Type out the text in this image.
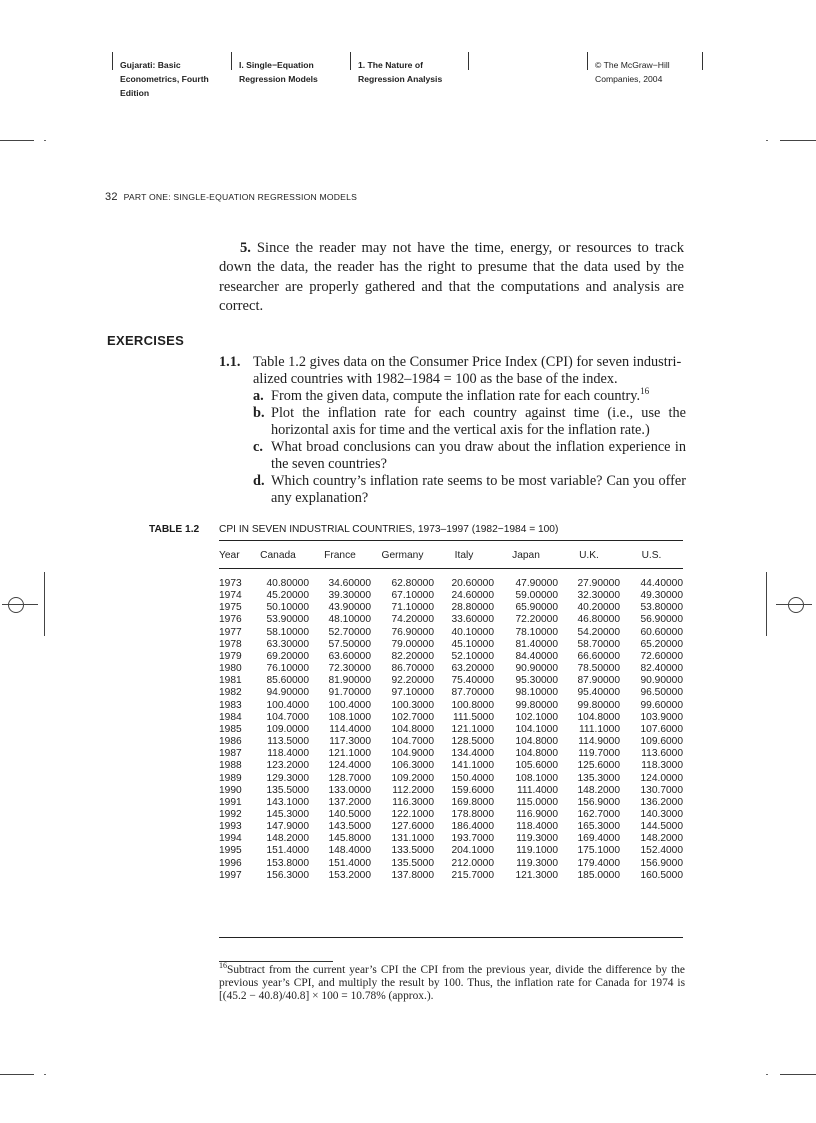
Gujarati: Basic
Econometrics, Fourth
Edition
I. Single−Equation
Regression Models
1. The Nature of
Regression Analysis
© The McGraw−Hill
Companies, 2004
32 PART ONE: SINGLE-EQUATION REGRESSION MODELS
5. Since the reader may not have the time, energy, or resources to track down the data, the reader has the right to presume that the data used by the researcher are properly gathered and that the computations and analysis are correct.
EXERCISES
1.1. Table 1.2 gives data on the Consumer Price Index (CPI) for seven industri-
alized countries with 1982–1984 = 100 as the base of the index.
a. From the given data, compute the inflation rate for each country.$^{16}$
b. Plot the inflation rate for each country against time (i.e., use the horizontal axis for time and the vertical axis for the inflation rate.)
c. What broad conclusions can you draw about the inflation experience in the seven countries?
d. Which country’s inflation rate seems to be most variable? Can you offer any explanation?
TABLE 1.2 CPI IN SEVEN INDUSTRIAL COUNTRIES, 1973–1997 (1982−1984 = 100)
Year	Canada	France	Germany	Italy	Japan	U.K.	U.S.

1973	40.80000	34.60000	62.80000	20.60000	47.90000	27.90000	44.40000
1974	45.20000	39.30000	67.10000	24.60000	59.00000	32.30000	49.30000
1975	50.10000	43.90000	71.10000	28.80000	65.90000	40.20000	53.80000
1976	53.90000	48.10000	74.20000	33.60000	72.20000	46.80000	56.90000
1977	58.10000	52.70000	76.90000	40.10000	78.10000	54.20000	60.60000
1978	63.30000	57.50000	79.00000	45.10000	81.40000	58.70000	65.20000
1979	69.20000	63.60000	82.20000	52.10000	84.40000	66.60000	72.60000
1980	76.10000	72.30000	86.70000	63.20000	90.90000	78.50000	82.40000
1981	85.60000	81.90000	92.20000	75.40000	95.30000	87.90000	90.90000
1982	94.90000	91.70000	97.10000	87.70000	98.10000	95.40000	96.50000
1983	100.4000	100.4000	100.3000	100.8000	99.80000	99.80000	99.60000
1984	104.7000	108.1000	102.7000	111.5000	102.1000	104.8000	103.9000
1985	109.0000	114.4000	104.8000	121.1000	104.1000	111.1000	107.6000
1986	113.5000	117.3000	104.7000	128.5000	104.8000	114.9000	109.6000
1987	118.4000	121.1000	104.9000	134.4000	104.8000	119.7000	113.6000
1988	123.2000	124.4000	106.3000	141.1000	105.6000	125.6000	118.3000
1989	129.3000	128.7000	109.2000	150.4000	108.1000	135.3000	124.0000
1990	135.5000	133.0000	112.2000	159.6000	111.4000	148.2000	130.7000
1991	143.1000	137.2000	116.3000	169.8000	115.0000	156.9000	136.2000
1992	145.3000	140.5000	122.1000	178.8000	116.9000	162.7000	140.3000
1993	147.9000	143.5000	127.6000	186.4000	118.4000	165.3000	144.5000
1994	148.2000	145.8000	131.1000	193.7000	119.3000	169.4000	148.2000
1995	151.4000	148.4000	133.5000	204.1000	119.1000	175.1000	152.4000
1996	153.8000	151.4000	135.5000	212.0000	119.3000	179.4000	156.9000
1997	156.3000	153.2000	137.8000	215.7000	121.3000	185.0000	160.5000
$^{16}$Subtract from the current year’s CPI the CPI from the previous year, divide the difference by the previous year’s CPI, and multiply the result by 100. Thus, the inflation rate for Canada for 1974 is [(45.2 − 40.8)/40.8] × 100 = 10.78% (approx.).
